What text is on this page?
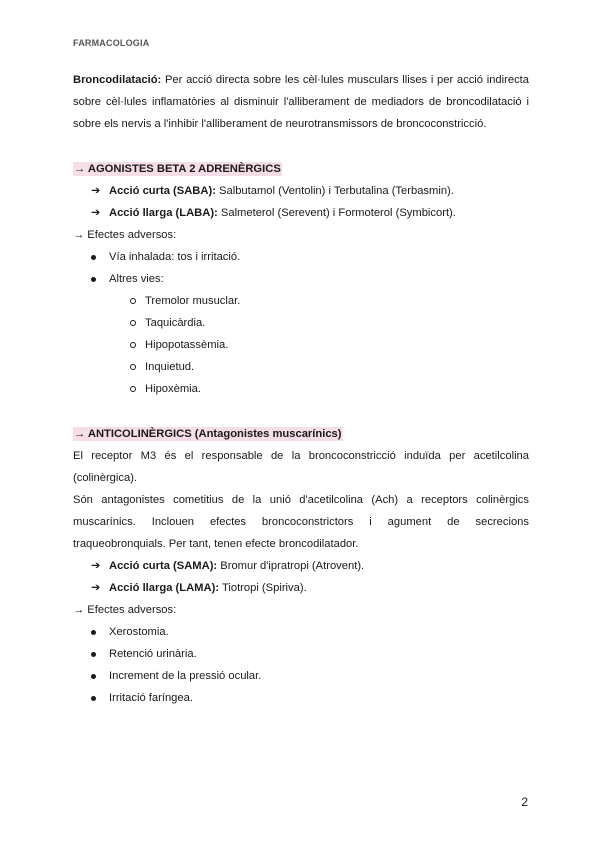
FARMACOLOGIA
Broncodilatació: Per acció directa sobre les cèl·lules musculars llises i per acció indirecta
sobre cèl·lules inflamatòries al disminuir l'alliberament de mediadors de broncodilatació i
sobre els nervis a l'inhibir l'alliberament de neurotransmissors de broncoconstricció.
→ AGONISTES BETA 2 ADRENÈRGICS
➔ Acció curta (SABA): Salbutamol (Ventolin) i Terbutalina (Terbasmin).
➔ Acció llarga (LABA): Salmeterol (Serevent) i Formoterol (Symbicort).
→ Efectes adversos:
Vía inhalada: tos i irritació.
Altres vies:
Tremolor musuclar.
Taquicàrdia.
Hipopotassèmia.
Inquietud.
Hipoxèmia.
→ ANTICOLINÈRGICS (Antagonistes muscarínics)
El receptor M3 és el responsable de la broncoconstricció induïda per acetilcolina
(colinèrgica).
Són antagonistes cometitius de la unió d'acetilcolina (Ach) a receptors colinèrgics
muscarínics. Inclouen efectes broncoconstrictors i agument de secrecions
traqueobronquials. Per tant, tenen efecte broncodilatador.
➔ Acció curta (SAMA): Bromur d'ipratropi (Atrovent).
➔ Acció llarga (LAMA): Tiotropi (Spiriva).
→ Efectes adversos:
Xerostomia.
Retenció urinària.
Increment de la pressió ocular.
Irritació faríngea.
2
